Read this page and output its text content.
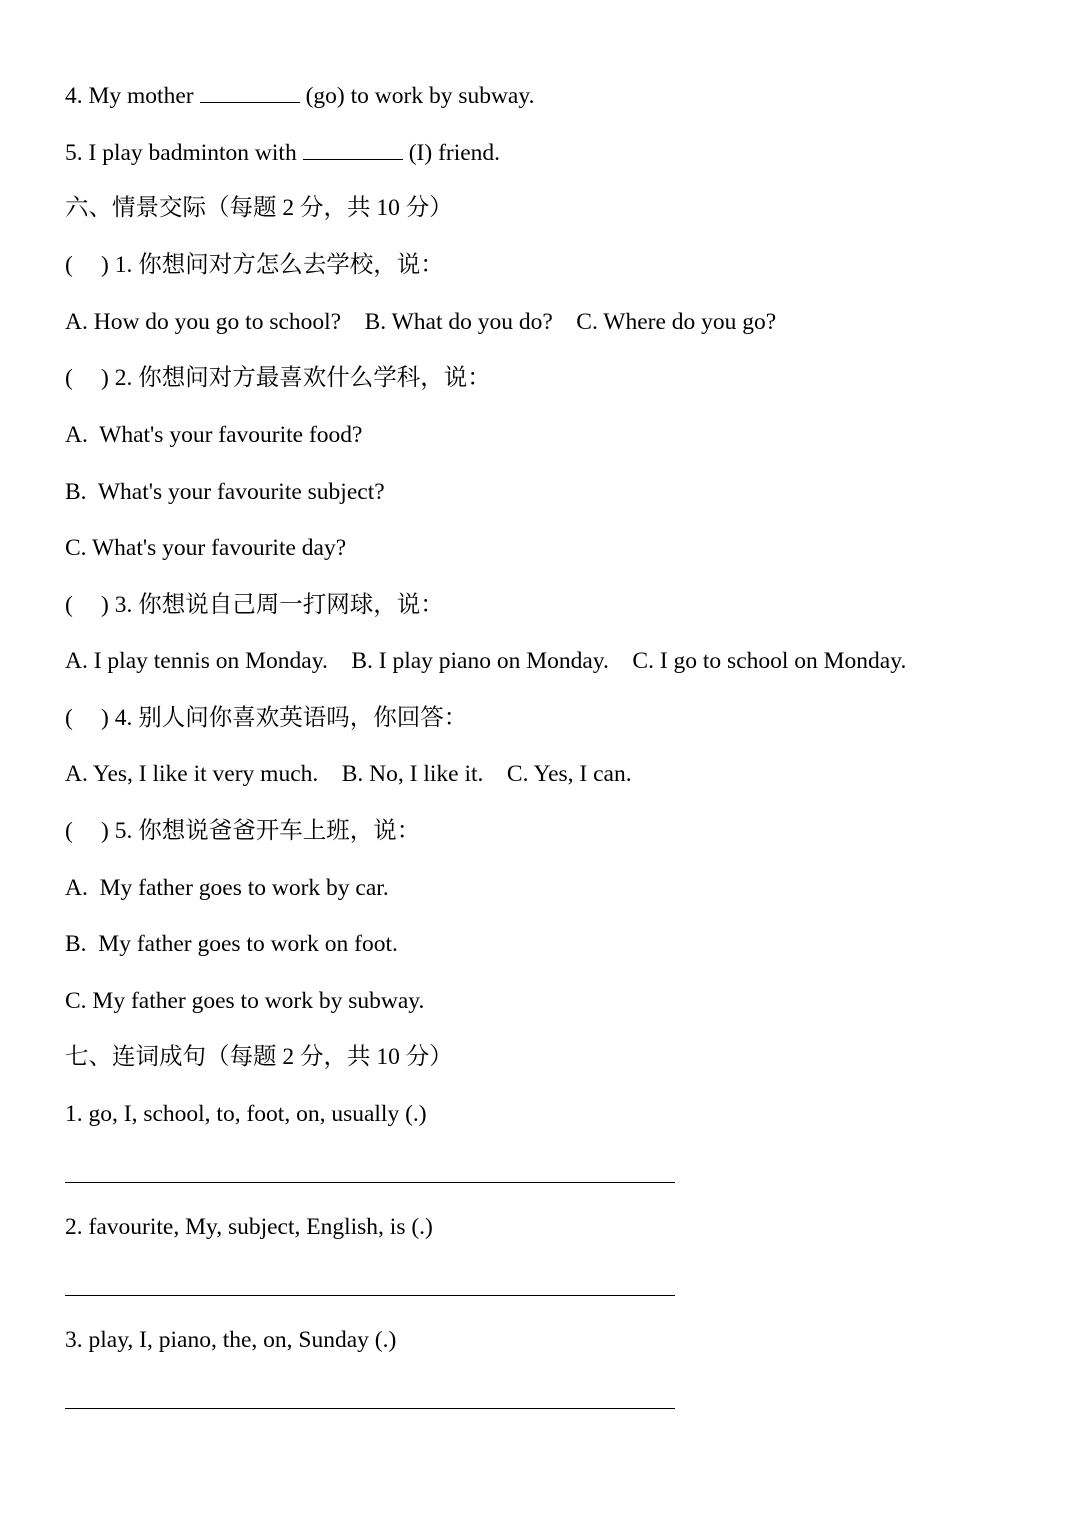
4. My mother	(go) to work by subway.
5. I play badminton with	(I) friend.
六、情景交际（每题 2 分，共 10 分）
( ) 1. 你想问对方怎么去学校，说：
A. How do you go to school?    B. What do you do?    C. Where do you go?
( ) 2. 你想问对方最喜欢什么学科，说：
A.  What's your favourite food?
B.  What's your favourite subject?
C. What's your favourite day?
( ) 3. 你想说自己周一打网球，说：
A. I play tennis on Monday.    B. I play piano on Monday.    C. I go to school on Monday.
( ) 4. 别人问你喜欢英语吗，你回答：
A. Yes, I like it very much.    B. No, I like it.    C. Yes, I can.
( ) 5. 你想说爸爸开车上班，说：
A.  My father goes to work by car.
B.  My father goes to work on foot.
C. My father goes to work by subway.
七、连词成句（每题 2 分，共 10 分）
1. go, I, school, to, foot, on, usually (.)
2. favourite, My, subject, English, is (.)
3. play, I, piano, the, on, Sunday (.)
